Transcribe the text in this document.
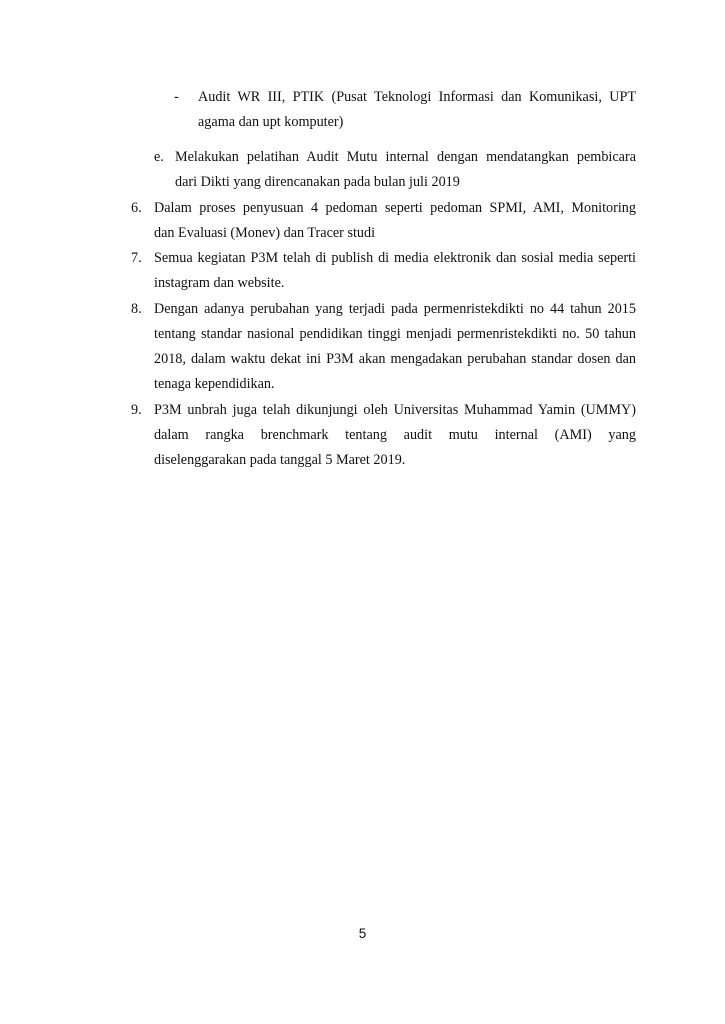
- Audit WR III, PTIK (Pusat Teknologi Informasi dan Komunikasi, UPT
agama dan upt komputer)
e. Melakukan pelatihan Audit Mutu internal dengan mendatangkan pembicara
dari Dikti yang direncanakan pada bulan juli 2019
6. Dalam proses penyusuan 4 pedoman seperti pedoman SPMI, AMI, Monitoring
dan Evaluasi (Monev) dan Tracer studi
7. Semua kegiatan P3M telah di publish di media elektronik dan sosial media seperti
instagram dan website.
8. Dengan adanya perubahan yang terjadi pada permenristekdikti no 44 tahun 2015
tentang standar nasional pendidikan tinggi menjadi permenristekdikti no. 50 tahun
2018, dalam waktu dekat ini P3M akan mengadakan perubahan standar dosen dan
tenaga kependidikan.
9. P3M unbrah juga telah dikunjungi oleh Universitas Muhammad Yamin (UMMY)
dalam rangka brenchmark tentang audit mutu internal (AMI) yang
diselenggarakan pada tanggal 5 Maret 2019.
5
